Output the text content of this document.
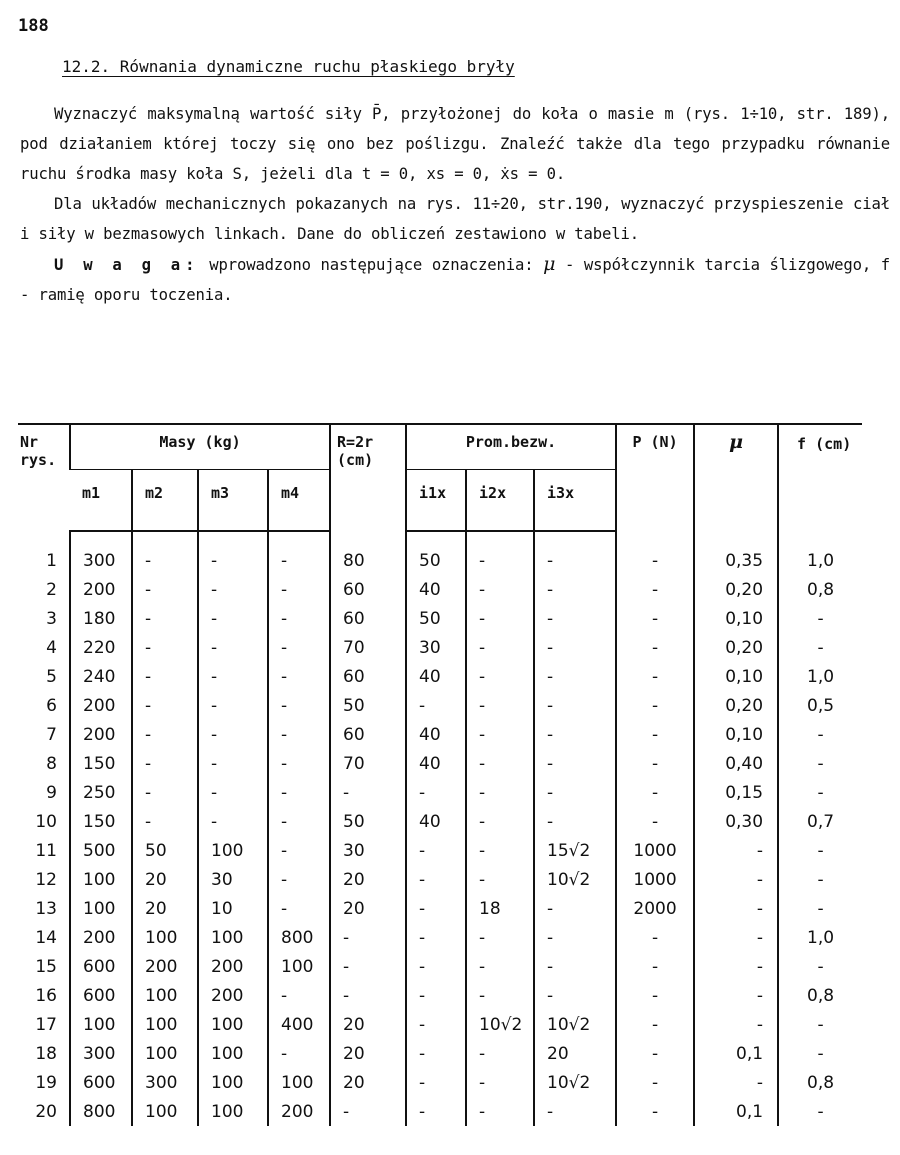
188
12.2. Równania dynamiczne ruchu płaskiego bryły

Wyznaczyć maksymalną wartość siły P̄, przyłożonej do koła o masie m (rys. 1÷10, str. 189), pod działaniem której toczy się ono bez poślizgu. Znaleźć także dla tego przypadku równanie ruchu środka masy koła S, jeżeli dla t = 0, xs = 0, ẋs = 0.

Dla układów mechanicznych pokazanych na rys. 11÷20, str.190, wyznaczyć przyspieszenie ciał i siły w bezmasowych linkach. Dane do obliczeń zestawiono w tabeli.

U w a g a: wprowadzono następujące oznaczenia: μ - współczynnik tarcia ślizgowego, f - ramię oporu toczenia.

Nr rys.	Masy (kg)				R=2r (cm)	Prom.bezw.			P (N)	μ	f (cm)
	m1	m2	m3	m4		i1x	i2x	i3x			

1	300	-	-	-	80	50	-	-	-	0,35	1,0
2	200	-	-	-	60	40	-	-	-	0,20	0,8
3	180	-	-	-	60	50	-	-	-	0,10	-
4	220	-	-	-	70	30	-	-	-	0,20	-
5	240	-	-	-	60	40	-	-	-	0,10	1,0
6	200	-	-	-	50	-	-	-	-	0,20	0,5
7	200	-	-	-	60	40	-	-	-	0,10	-
8	150	-	-	-	70	40	-	-	-	0,40	-
9	250	-	-	-	-	-	-	-	-	0,15	-
10	150	-	-	-	50	40	-	-	-	0,30	0,7
11	500	50	100	-	30	-	-	15√2	1000	-	-
12	100	20	30	-	20	-	-	10√2	1000	-	-
13	100	20	10	-	20	-	18	-	2000	-	-
14	200	100	100	800	-	-	-	-	-	-	1,0
15	600	200	200	100	-	-	-	-	-	-	-
16	600	100	200	-	-	-	-	-	-	-	0,8
17	100	100	100	400	20	-	10√2	10√2	-	-	-
18	300	100	100	-	20	-	-	20	-	0,1	-
19	600	300	100	100	20	-	-	10√2	-	-	0,8
20	800	100	100	200	-	-	-	-	-	0,1	-
